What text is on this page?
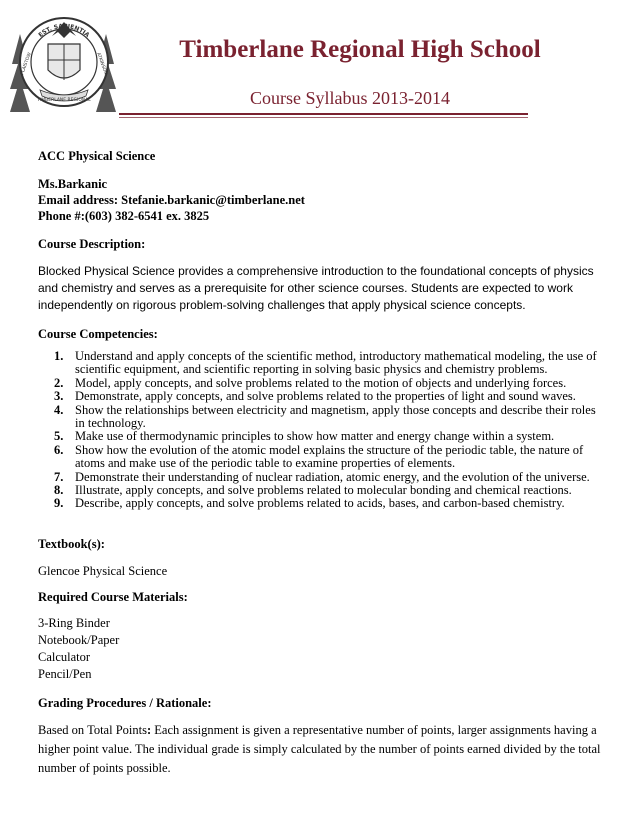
EST. SAPIENTIA
TIMBERLANE REGIONAL
PLAISTOW	ATKINSON
Timberlane Regional High School
Course Syllabus 2013-2014

ACC Physical Science

Ms.Barkanic

Email address: Stefanie.barkanic@timberlane.net

Phone #:(603) 382-6541 ex. 3825

Course Description:

Blocked Physical Science provides a comprehensive introduction to the foundational concepts of physics and chemistry and serves as a prerequisite for other science courses. Students are expected to work independently on rigorous problem-solving challenges that apply physical science concepts.

Course Competencies:

1. Understand and apply concepts of the scientific method, introductory mathematical modeling, the use of scientific equipment, and scientific reporting in solving basic physics and chemistry problems.
2. Model, apply concepts, and solve problems related to the motion of objects and underlying forces.
3. Demonstrate, apply concepts, and solve problems related to the properties of light and sound waves.
4. Show the relationships between electricity and magnetism, apply those concepts and describe their roles in technology.
5. Make use of thermodynamic principles to show how matter and energy change within a system.
6. Show how the evolution of the atomic model explains the structure of the periodic table, the nature of atoms and make use of the periodic table to examine properties of elements.
7. Demonstrate their understanding of nuclear radiation, atomic energy, and the evolution of the universe.
8. Illustrate, apply concepts, and solve problems related to molecular bonding and chemical reactions.
9. Describe, apply concepts, and solve problems related to acids, bases, and carbon-based chemistry.

Textbook(s):

Glencoe Physical Science

Required Course Materials:

3-Ring Binder

Notebook/Paper

Calculator

Pencil/Pen

Grading Procedures / Rationale:

Based on Total Points: Each assignment is given a representative number of points, larger assignments having a higher point value. The individual grade is simply calculated by the number of points earned divided by the total number of points possible.
